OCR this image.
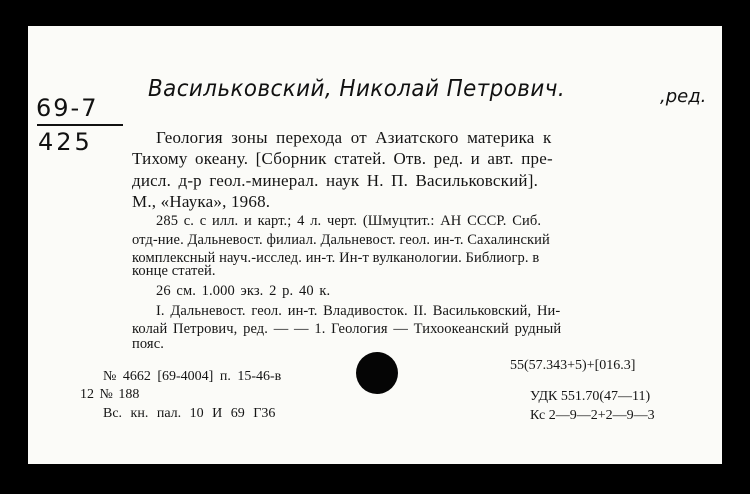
69-7
425
Васильковский, Николай Петрович.	,ред.
Геология зоны перехода от Азиатского материка к
Тихому океану. [Сборник статей. Отв. ред. и авт. пре-
дисл. д-р геол.-минерал. наук Н. П. Васильковский].
М., «Наука», 1968.
285 с. с илл. и карт.; 4 л. черт. (Шмуцтит.: АН СССР. Сиб.
отд-ние. Дальневост. филиал. Дальневост. геол. ин-т. Сахалинский
комплексный науч.-исслед. ин-т. Ин-т вулканологии. Библиогр. в
конце статей.
26 см. 1.000 экз. 2 р. 40 к.
I. Дальневост. геол. ин-т. Владивосток. II. Васильковский, Ни-
колай Петрович, ред. — — 1. Геология — Тихоокеанский рудный
пояс.
№ 4662 [69-4004] п. 15-46-в
12 № 188
Вс. кн. пал. 10 И 69 Г36
55(57.343+5)+[016.3]
УДК 551.70(47—11)
Кс 2—9—2+2—9—3
